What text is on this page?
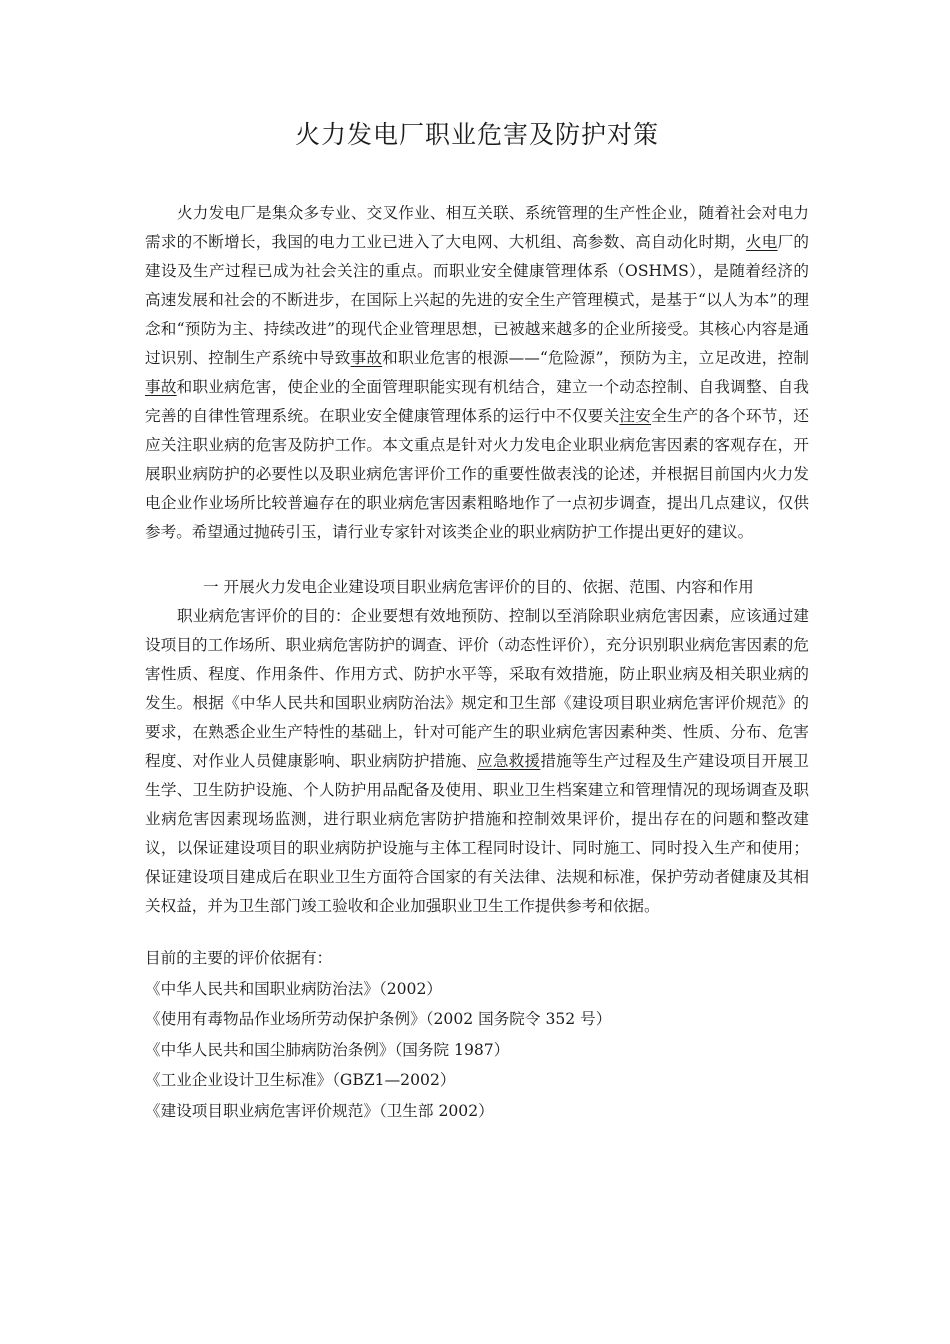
火力发电厂职业危害及防护对策

火力发电厂是集众多专业、交叉作业、相互关联、系统管理的生产性企业，随着社会对电力需求的不断增长，我国的电力工业已进入了大电网、大机组、高参数、高自动化时期，火电厂的建设及生产过程已成为社会关注的重点。而职业安全健康管理体系（OSHMS），是随着经济的高速发展和社会的不断进步，在国际上兴起的先进的安全生产管理模式，是基于“以人为本”的理念和“预防为主、持续改进”的现代企业管理思想，已被越来越多的企业所接受。其核心内容是通过识别、控制生产系统中导致事故和职业危害的根源——“危险源”，预防为主，立足改进，控制事故和职业病危害，使企业的全面管理职能实现有机结合，建立一个动态控制、自我调整、自我完善的自律性管理系统。在职业安全健康管理体系的运行中不仅要关注安全生产的各个环节，还应关注职业病的危害及防护工作。本文重点是针对火力发电企业职业病危害因素的客观存在，开展职业病防护的必要性以及职业病危害评价工作的重要性做表浅的论述，并根据目前国内火力发电企业作业场所比较普遍存在的职业病危害因素粗略地作了一点初步调查，提出几点建议，仅供参考。希望通过抛砖引玉，请行业专家针对该类企业的职业病防护工作提出更好的建议。

一 开展火力发电企业建设项目职业病危害评价的目的、依据、范围、内容和作用

职业病危害评价的目的：企业要想有效地预防、控制以至消除职业病危害因素，应该通过建设项目的工作场所、职业病危害防护的调查、评价（动态性评价），充分识别职业病危害因素的危害性质、程度、作用条件、作用方式、防护水平等，采取有效措施，防止职业病及相关职业病的发生。根据《中华人民共和国职业病防治法》规定和卫生部《建设项目职业病危害评价规范》的要求，在熟悉企业生产特性的基础上，针对可能产生的职业病危害因素种类、性质、分布、危害程度、对作业人员健康影响、职业病防护措施、应急救援措施等生产过程及生产建设项目开展卫生学、卫生防护设施、个人防护用品配备及使用、职业卫生档案建立和管理情况的现场调查及职业病危害因素现场监测，进行职业病危害防护措施和控制效果评价，提出存在的问题和整改建议，以保证建设项目的职业病防护设施与主体工程同时设计、同时施工、同时投入生产和使用；保证建设项目建成后在职业卫生方面符合国家的有关法律、法规和标准，保护劳动者健康及其相关权益，并为卫生部门竣工验收和企业加强职业卫生工作提供参考和依据。

目前的主要的评价依据有：

《中华人民共和国职业病防治法》（2002）

《使用有毒物品作业场所劳动保护条例》（2002 国务院令 352 号）

《中华人民共和国尘肺病防治条例》（国务院 1987）

《工业企业设计卫生标准》（GBZ1—2002）

《建设项目职业病危害评价规范》（卫生部 2002）
